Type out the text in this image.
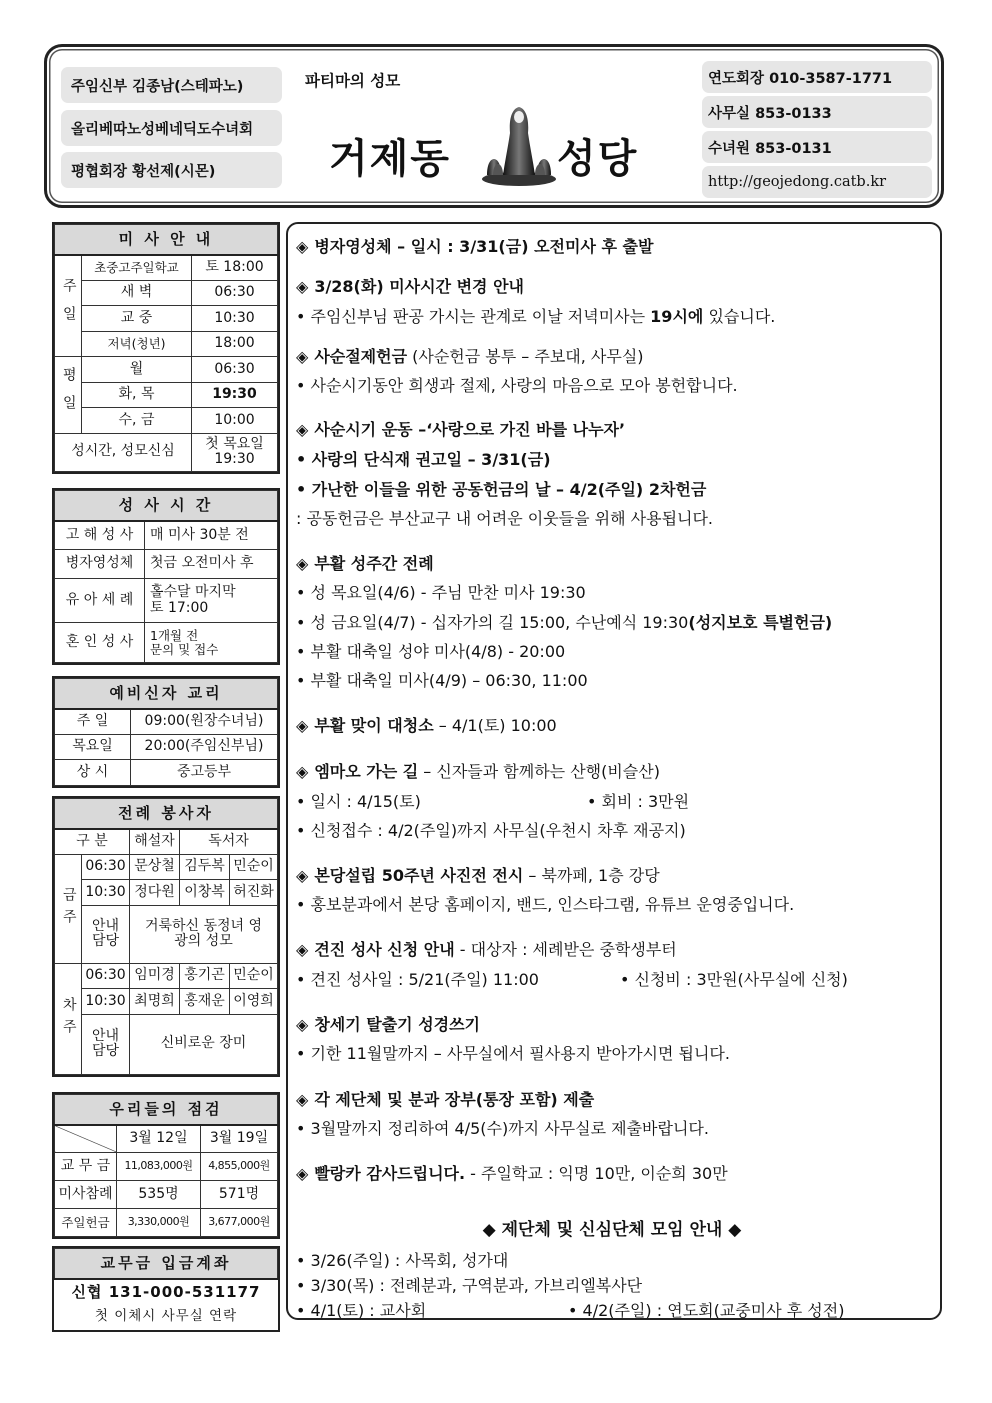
주임신부 김종남(스테파노)
올리베따노성베네딕도수녀회
평협회장 황선제(시몬)
파티마의 성모
거제동	성당
연도회장 010-3587-1771
사무실 853-0133
수녀원 853-0131
http://geojedong.catb.kr
미 사 안 내		
주일	초중고주일학교	토 18:00
	새 벽	06:30
	교 중	10:30
	저녁(청년)	18:00
평일	월	06:30
	화, 목	19:30
	수, 금	10:00
성시간, 성모신심		첫 목요일 19:30
성 사 시 간	
고 해 성 사	매 미사 30분 전
병자영성체	첫금 오전미사 후
유 아 세 례	홀수달 마지막
토 17:00
혼 인 성 사	1개월 전
문의 및 접수
예비신자 교리	
주 일	09:00(원장수녀님)
목요일	20:00(주임신부님)
상 시	중고등부
전례 봉사자				
구 분		해설자	독서자	
금주	06:30	문상철	김두복	민순이
	10:30	정다원	이창복	허진화
	안내담당	거룩하신 동정녀 영광의 성모		
차주	06:30	임미경	홍기곤	민순이
	10:30	최명희	홍재운	이영희
	안내담당	신비로운 장미		
우리들의 점검		
	3월 12일	3월 19일
교 무 금	11,083,000원	4,855,000원
미사참례	535명	571명
주일헌금	3,330,000원	3,677,000원
교무금 입금계좌
신협 131-000-531177
첫 이체시 사무실 연락
◈ 병자영성체 – 일시 : 3/31(금) 오전미사 후 출발
◈ 3/28(화) 미사시간 변경 안내
• 주임신부님 판공 가시는 관계로 이날 저녁미사는 19시에 있습니다.
◈ 사순절제헌금 (사순헌금 봉투 – 주보대, 사무실)
• 사순시기동안 희생과 절제, 사랑의 마음으로 모아 봉헌합니다.
◈ 사순시기 운동 –‘사랑으로 가진 바를 나누자’
• 사랑의 단식재 권고일 – 3/31(금)
• 가난한 이들을 위한 공동헌금의 날 – 4/2(주일) 2차헌금
: 공동헌금은 부산교구 내 어려운 이웃들을 위해 사용됩니다.
◈ 부활 성주간 전례
• 성 목요일(4/6) - 주님 만찬 미사 19:30
• 성 금요일(4/7) - 십자가의 길 15:00, 수난예식 19:30(성지보호 특별헌금)
• 부활 대축일 성야 미사(4/8) - 20:00
• 부활 대축일 미사(4/9) – 06:30, 11:00
◈ 부활 맞이 대청소 – 4/1(토) 10:00
◈ 엠마오 가는 길 – 신자들과 함께하는 산행(비슬산)
• 일시 : 4/15(토)	• 회비 : 3만원
• 신청접수 : 4/2(주일)까지 사무실(우천시 차후 재공지)
◈ 본당설립 50주년 사진전 전시 – 북까페, 1층 강당
• 홍보분과에서 본당 홈페이지, 밴드, 인스타그램, 유튜브 운영중입니다.
◈ 견진 성사 신청 안내 - 대상자 : 세례받은 중학생부터
• 견진 성사일 : 5/21(주일) 11:00	• 신청비 : 3만원(사무실에 신청)
◈ 창세기 탈출기 성경쓰기
• 기한 11월말까지 – 사무실에서 필사용지 받아가시면 됩니다.
◈ 각 제단체 및 분과 장부(통장 포함) 제출
• 3월말까지 정리하여 4/5(수)까지 사무실로 제출바랍니다.
◈ 빨랑카 감사드립니다. - 주일학교 : 익명 10만, 이순희 30만
◆ 제단체 및 신심단체 모임 안내 ◆
• 3/26(주일) : 사목회, 성가대
• 3/30(목) : 전례분과, 구역분과, 가브리엘복사단
• 4/1(토) : 교사회	• 4/2(주일) : 연도회(교중미사 후 성전)
